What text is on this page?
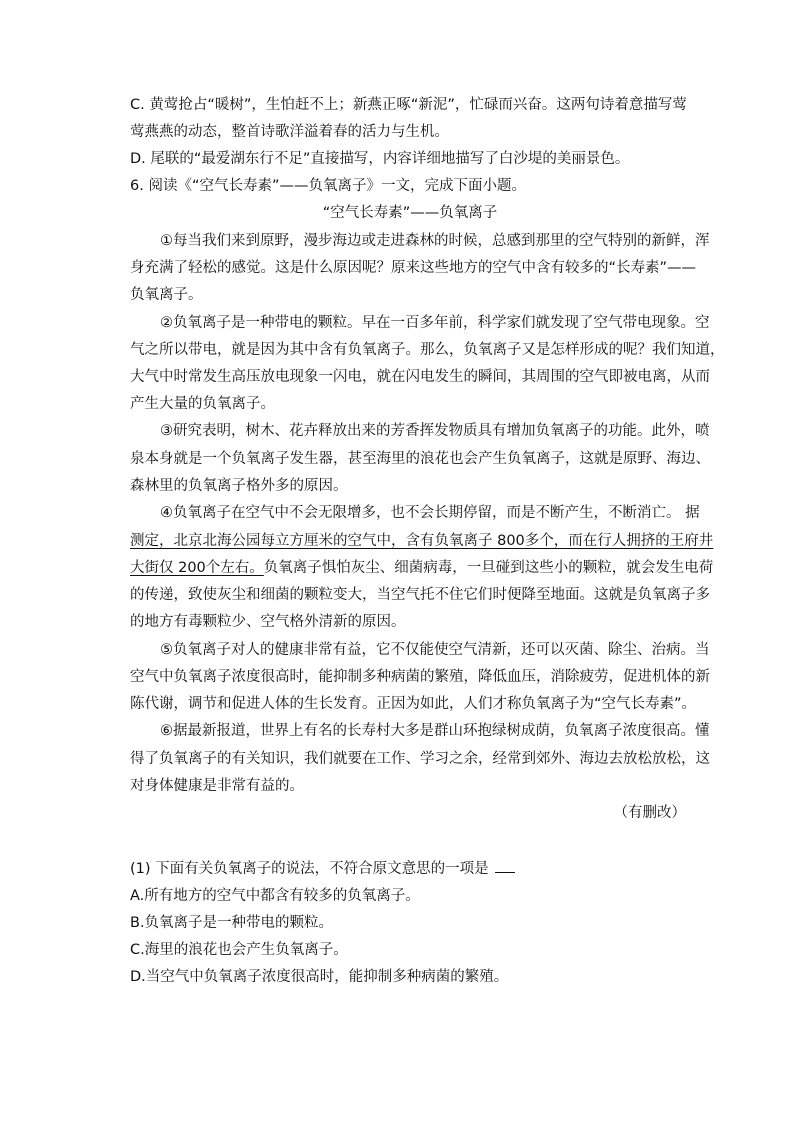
C. 黄莺抢占“暖树”，生怕赶不上；新燕正啄“新泥”，忙碌而兴奋。这两句诗着意描写莺
莺燕燕的动态，整首诗歌洋溢着春的活力与生机。
D. 尾联的“最爱湖东行不足”直接描写，内容详细地描写了白沙堤的美丽景色。
6. 阅读《“空气长寿素”——负氧离子》一文，完成下面小题。
“空气长寿素”——负氧离子
①每当我们来到原野，漫步海边或走进森林的时候，总感到那里的空气特别的新鲜，浑
身充满了轻松的感觉。这是什么原因呢？原来这些地方的空气中含有较多的“长寿素”——
负氧离子。
②负氧离子是一种带电的颗粒。早在一百多年前，科学家们就发现了空气带电现象。空
气之所以带电，就是因为其中含有负氧离子。那么，负氧离子又是怎样形成的呢？我们知道，
大气中时常发生高压放电现象一闪电，就在闪电发生的瞬间，其周围的空气即被电离，从而
产生大量的负氧离子。
③研究表明，树木、花卉释放出来的芳香挥发物质具有增加负氧离子的功能。此外，喷
泉本身就是一个负氧离子发生器，甚至海里的浪花也会产生负氧离子，这就是原野、海边、
森林里的负氧离子格外多的原因。
④负氧离子在空气中不会无限增多，也不会长期停留，而是不断产生，不断消亡。 据
测定，北京北海公园每立方厘米的空气中，含有负氧离子 800多个，而在行人拥挤的王府井
大街仅 200个左右。负氧离子惧怕灰尘、细菌病毒，一旦碰到这些小的颗粒，就会发生电荷
的传递，致使灰尘和细菌的颗粒变大，当空气托不住它们时便降至地面。这就是负氧离子多
的地方有毒颗粒少、空气格外清新的原因。
⑤负氧离子对人的健康非常有益，它不仅能使空气清新，还可以灭菌、除尘、治病。当
空气中负氧离子浓度很高时，能抑制多种病菌的繁殖，降低血压，消除疲劳，促进机体的新
陈代谢，调节和促进人体的生长发育。正因为如此，人们才称负氧离子为“空气长寿素”。
⑥据最新报道，世界上有名的长寿村大多是群山环抱绿树成荫，负氧离子浓度很高。懂
得了负氧离子的有关知识，我们就要在工作、学习之余，经常到郊外、海边去放松放松，这
对身体健康是非常有益的。
（有删改）
(1) 下面有关负氧离子的说法，不符合原文意思的一项是
A.所有地方的空气中都含有较多的负氧离子。
B.负氧离子是一种带电的颗粒。
C.海里的浪花也会产生负氧离子。
D.当空气中负氧离子浓度很高时，能抑制多种病菌的繁殖。
